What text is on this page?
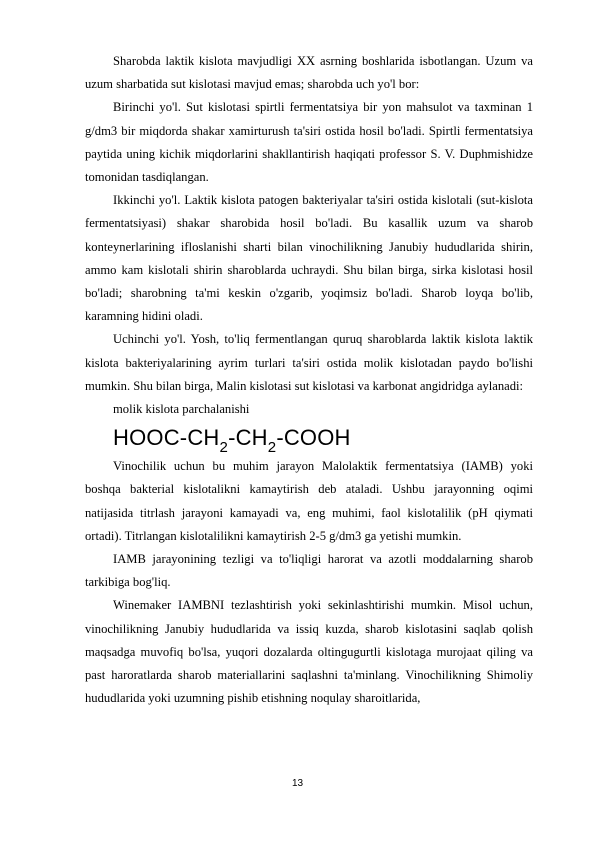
Sharobda laktik kislota mavjudligi XX asrning boshlarida isbotlangan. Uzum va uzum sharbatida sut kislotasi mavjud emas; sharobda uch yo'l bor:

Birinchi yo'l. Sut kislotasi spirtli fermentatsiya bir yon mahsulot va taxminan 1 g/dm3 bir miqdorda shakar xamirturush ta'siri ostida hosil bo'ladi. Spirtli fermentatsiya paytida uning kichik miqdorlarini shakllantirish haqiqati professor S. V. Duphmishidze tomonidan tasdiqlangan.

Ikkinchi yo'l. Laktik kislota patogen bakteriyalar ta'siri ostida kislotali (sut-kislota fermentatsiyasi) shakar sharobida hosil bo'ladi. Bu kasallik uzum va sharob konteynerlarining ifloslanishi sharti bilan vinochilikning Janubiy hududlarida shirin, ammo kam kislotali shirin sharoblarda uchraydi. Shu bilan birga, sirka kislotasi hosil bo'ladi; sharobning ta'mi keskin o'zgarib, yoqimsiz bo'ladi. Sharob loyqa bo'lib, karamning hidini oladi.

Uchinchi yo'l. Yosh, to'liq fermentlangan quruq sharoblarda laktik kislota laktik kislota bakteriyalarining ayrim turlari ta'siri ostida molik kislotadan paydo bo'lishi mumkin. Shu bilan birga, Malin kislotasi sut kislotasi va karbonat angidridga aylanadi:

molik kislota parchalanishi

HOOC-$CH_2-CH_2$-COOH

Vinochilik uchun bu muhim jarayon Malolaktik fermentatsiya (IAMB) yoki boshqa bakterial kislotalikni kamaytirish deb ataladi. Ushbu jarayonning oqimi natijasida titrlash jarayoni kamayadi va, eng muhimi, faol kislotalilik (pH qiymati ortadi). Titrlangan kislotalilikni kamaytirish 2-5 g/dm3 ga yetishi mumkin.

IAMB jarayonining tezligi va to'liqligi harorat va azotli moddalarning sharob tarkibiga bog'liq.

Winemaker IAMBNI tezlashtirish yoki sekinlashtirishi mumkin. Misol uchun, vinochilikning Janubiy hududlarida va issiq kuzda, sharob kislotasini saqlab qolish maqsadga muvofiq bo'lsa, yuqori dozalarda oltingugurtli kislotaga murojaat qiling va past haroratlarda sharob materiallarini saqlashni ta'minlang. Vinochilikning Shimoliy hududlarida yoki uzumning pishib etishning noqulay sharoitlarida,

13
